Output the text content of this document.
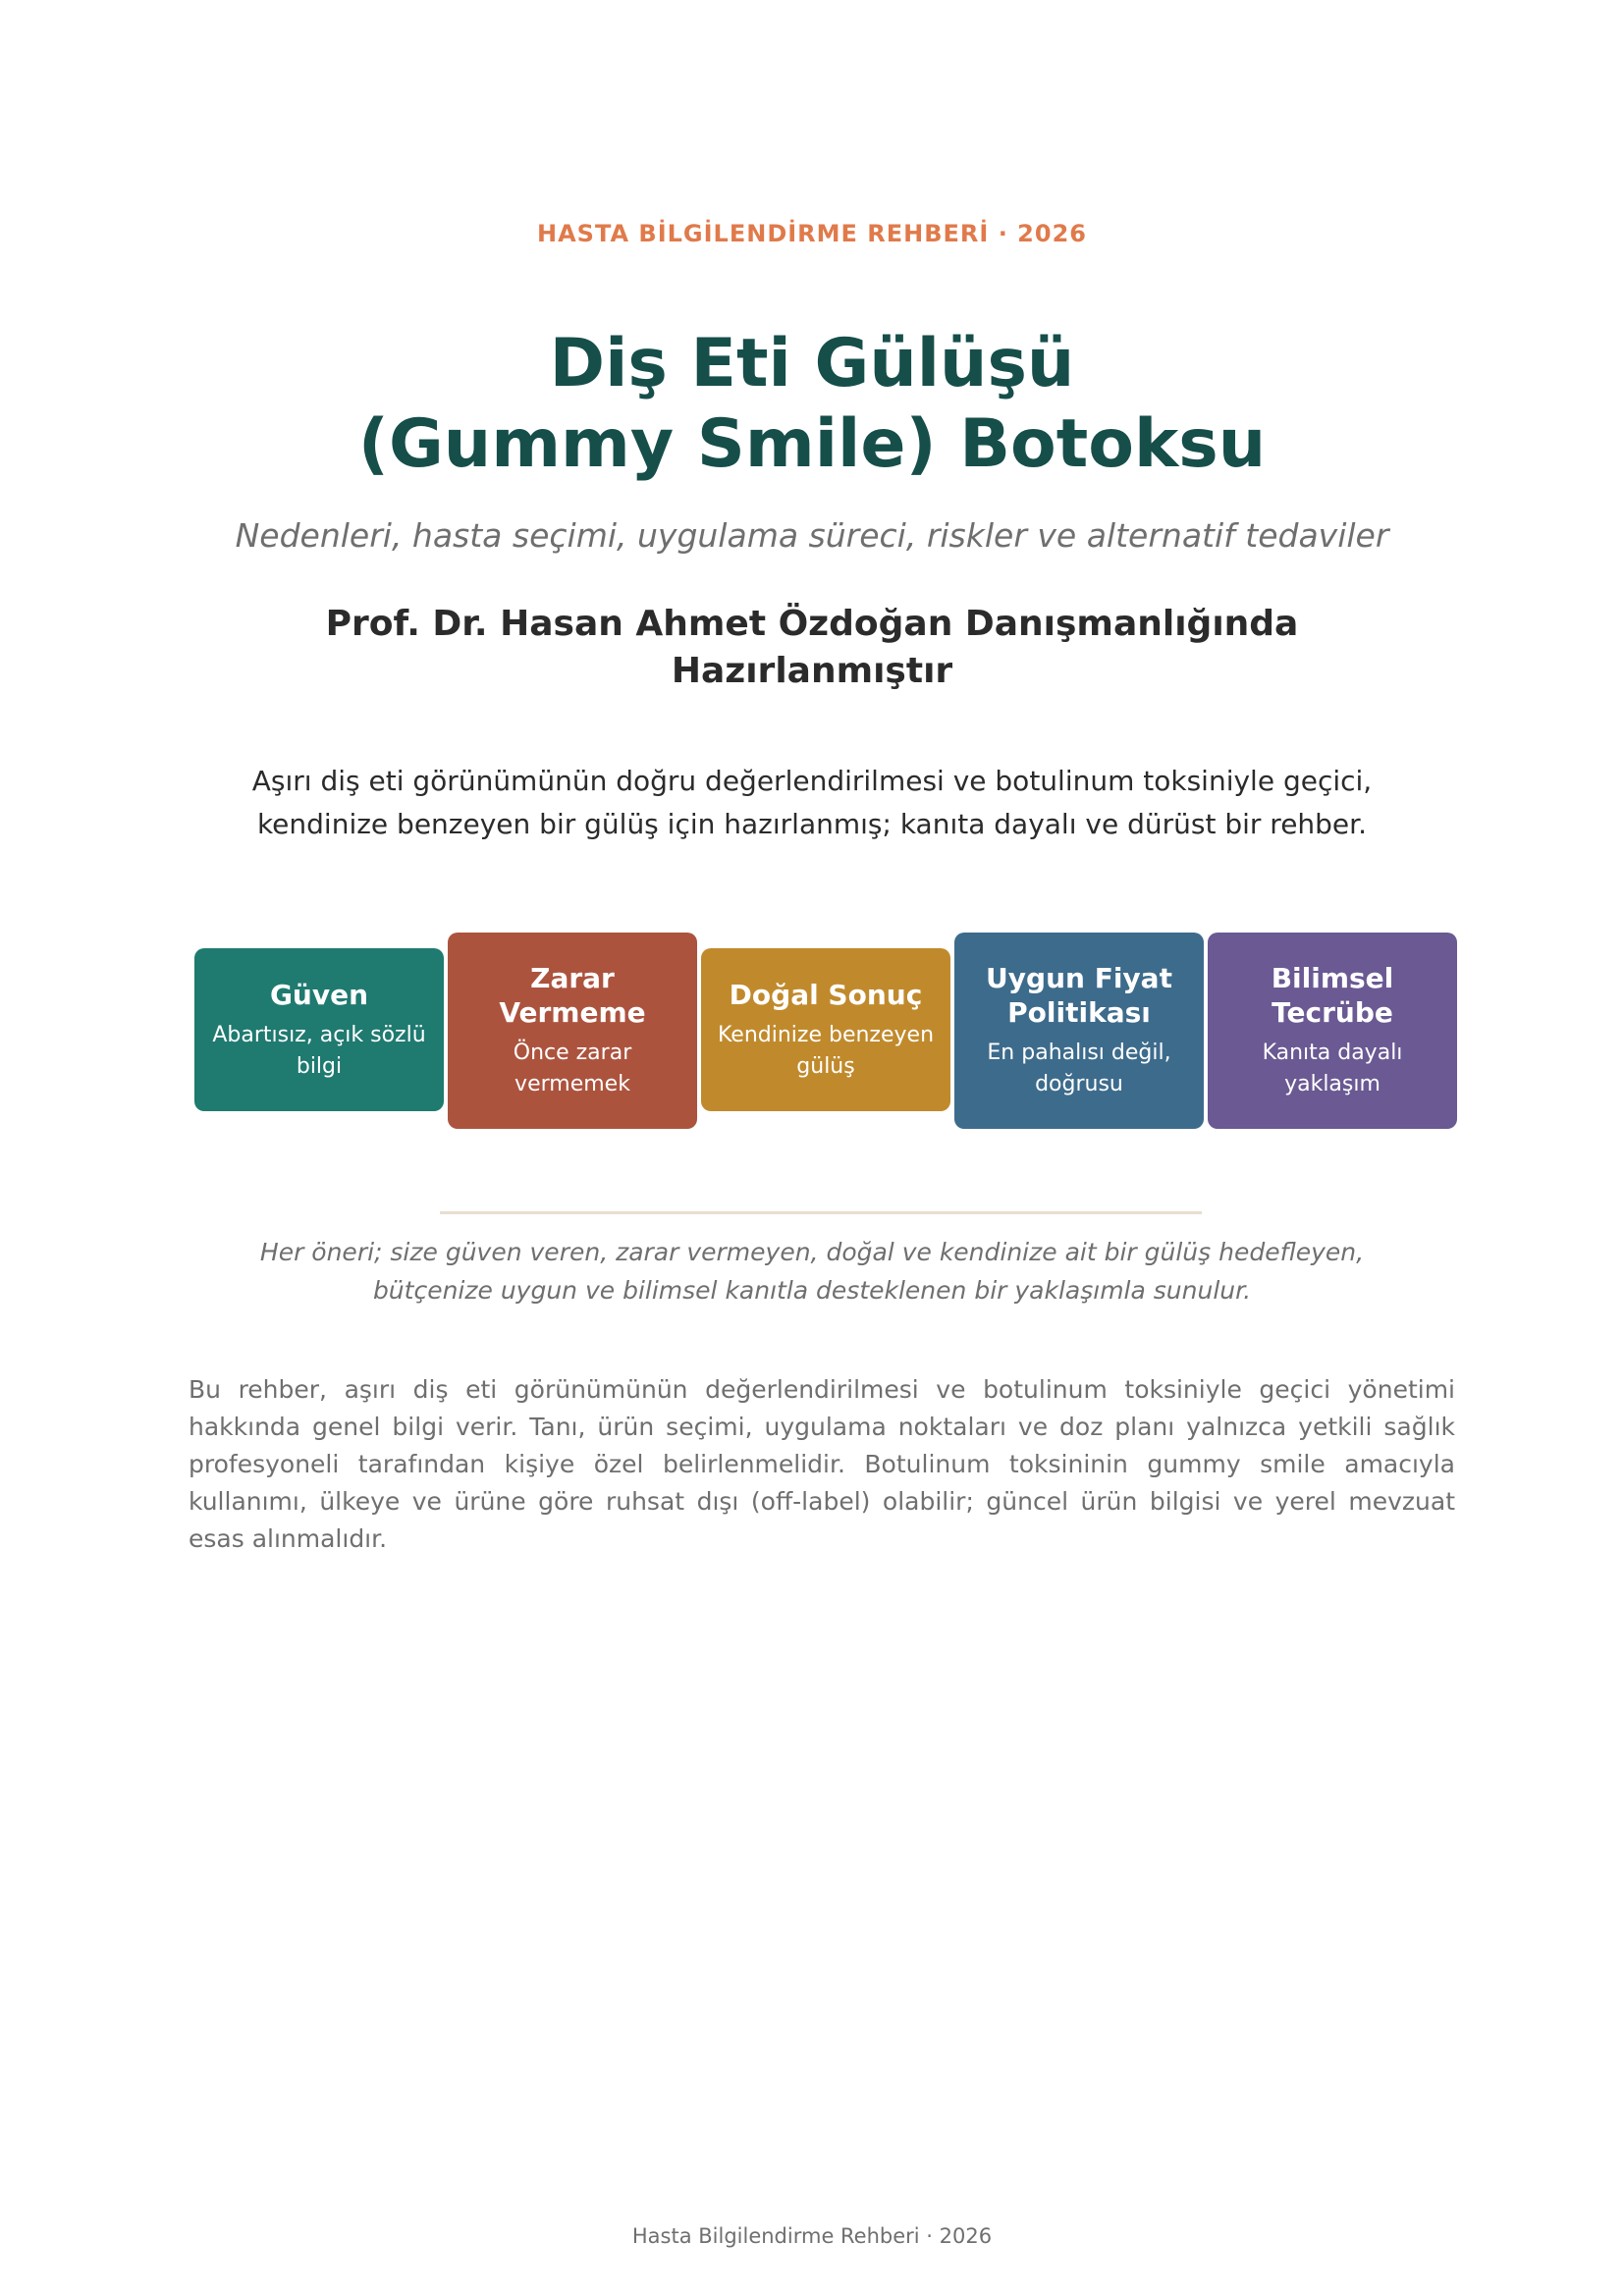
HASTA BİLGİLENDİRME REHBERİ · 2026
Diş Eti Gülüşü
(Gummy Smile) Botoksu
Nedenleri, hasta seçimi, uygulama süreci, riskler ve alternatif tedaviler
Prof. Dr. Hasan Ahmet Özdoğan Danışmanlığında
Hazırlanmıştır
Aşırı diş eti görünümünün doğru değerlendirilmesi ve botulinum toksiniyle geçici,
kendinize benzeyen bir gülüş için hazırlanmış; kanıta dayalı ve dürüst bir rehber.
Güven
Abartısız, açık sözlü bilgi
Zarar Vermeme
Önce zarar vermemek
Doğal Sonuç
Kendinize benzeyen gülüş
Uygun Fiyat Politikası
En pahalısı değil, doğrusu
Bilimsel Tecrübe
Kanıta dayalı yaklaşım
Her öneri; size güven veren, zarar vermeyen, doğal ve kendinize ait bir gülüş hedefleyen,
bütçenize uygun ve bilimsel kanıtla desteklenen bir yaklaşımla sunulur.

Bu rehber, aşırı diş eti görünümünün değerlendirilmesi ve botulinum toksiniyle geçici yönetimi hakkında genel bilgi verir. Tanı, ürün seçimi, uygulama noktaları ve doz planı yalnızca yetkili sağlık profesyoneli tarafından kişiye özel belirlenmelidir. Botulinum toksininin gummy smile amacıyla kullanımı, ülkeye ve ürüne göre ruhsat dışı (off-label) olabilir; güncel ürün bilgisi ve yerel mevzuat esas alınmalıdır.

Hasta Bilgilendirme Rehberi · 2026
